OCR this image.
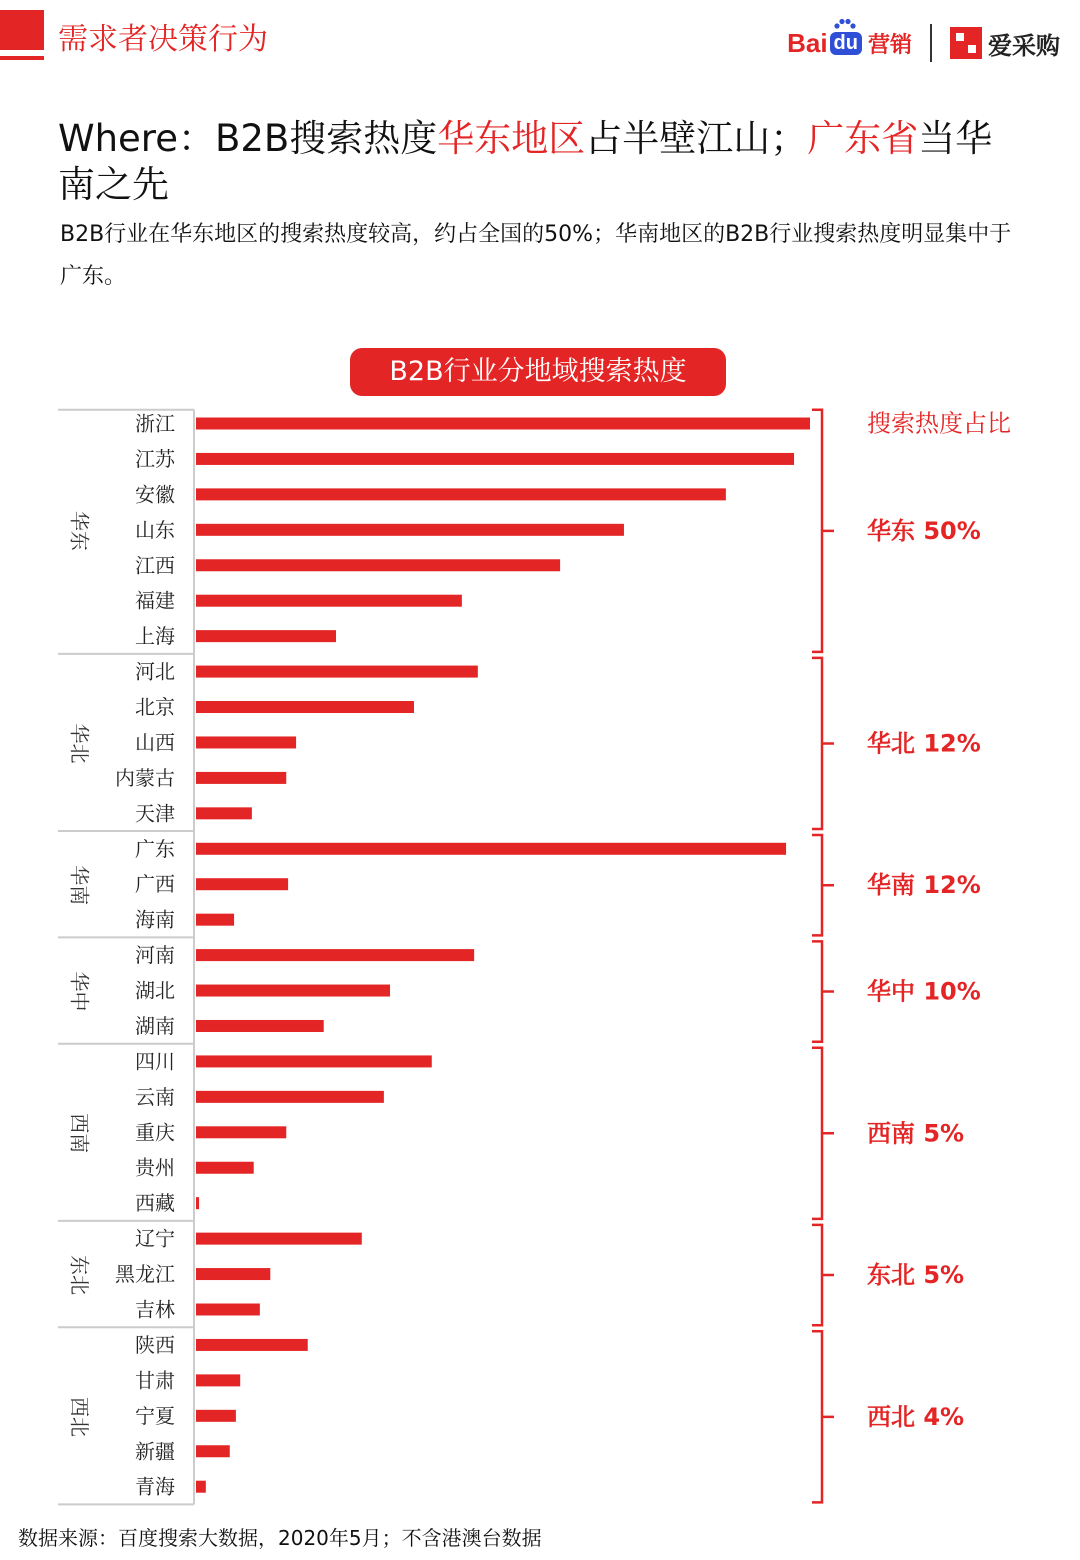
需求者决策行为	Bai du 营销	爱采购
Where：B2B搜索热度华东地区占半壁江山；广东省当华南之先
B2B行业在华东地区的搜索热度较高，约占全国的50%；华南地区的B2B行业搜索热度明显集中于广东。
B2B行业分地域搜索热度
搜索热度占比
浙江
江苏
安徽
山东
江西
福建
上海
华东	华东 50%
河北
北京
山西
内蒙古
天津
华北	华北 12%
广东
广西
海南
华南	华南 12%
河南
湖北
湖南
华中	华中 10%
四川
云南
重庆
贵州
西藏
西南	西南 5%
辽宁
黑龙江
吉林
东北	东北 5%
陕西
甘肃
宁夏
新疆
青海
西北	西北 4%
数据来源：百度搜索大数据，2020年5月；不含港澳台数据
